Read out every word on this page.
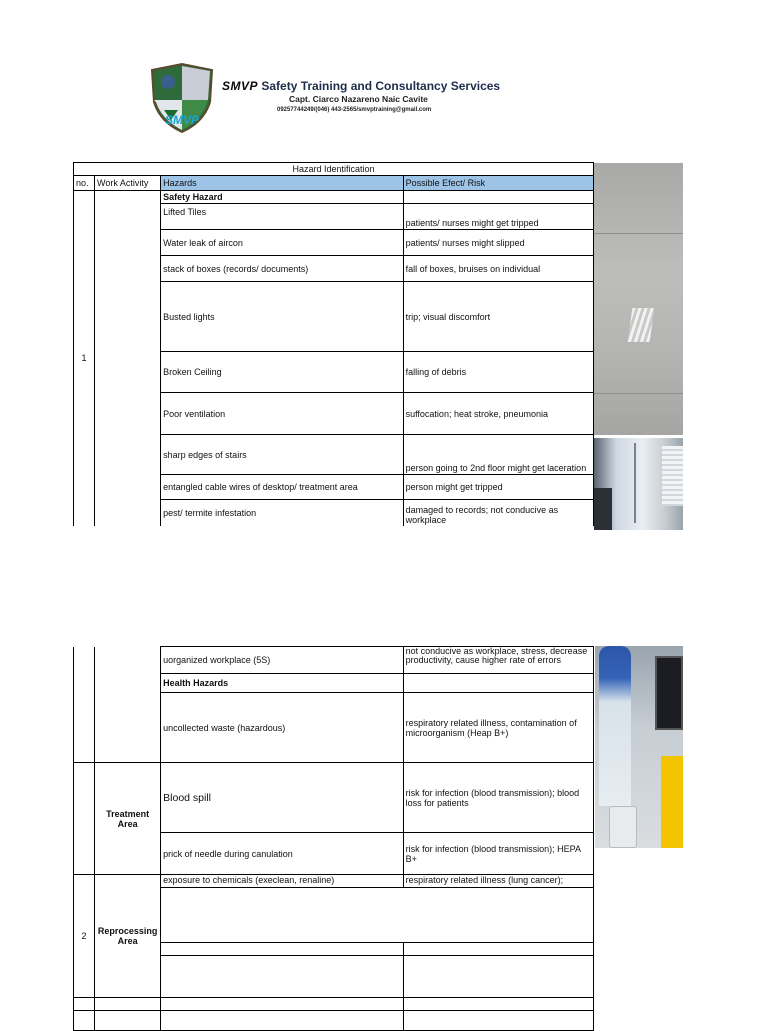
SMVP
SMVP Safety Training and Consultancy Services
Capt. Ciarco Nazareno Naic Cavite
09257744249/(046) 443-2565/smvptraining@gmail.com
Hazard Identification			
no.	Work Activity	Hazards	Possible Efect/ Risk
1		Safety Hazard	
		Lifted Tiles	patients/ nurses might get tripped
		Water leak of aircon	patients/ nurses might slipped
		stack of boxes (records/ documents)	fall of boxes, bruises on individual
		Busted lights	trip; visual discomfort
		Broken Ceiling	falling of debris
		Poor ventilation	suffocation; heat stroke, pneumonia
		sharp edges of stairs	person going to 2nd floor might get laceration
		entangled cable wires of desktop/ treatment area	person might get tripped
		pest/ termite infestation	damaged to records; not conducive as workplace
		uorganized workplace (5S)	not conducive as workplace, stress, decrease productivity, cause higher rate of errors
		Health Hazards	
		uncollected waste (hazardous)	respiratory related illness, contamination of microorganism (Heap B+)
	Treatment Area	Blood spill	risk for infection (blood transmission); blood loss for patients
		prick of needle during canulation	risk for infection (blood transmission); HEPA B+
2	Reprocessing Area	exposure to chemicals (execlean, renaline)	respiratory related illness (lung cancer);
